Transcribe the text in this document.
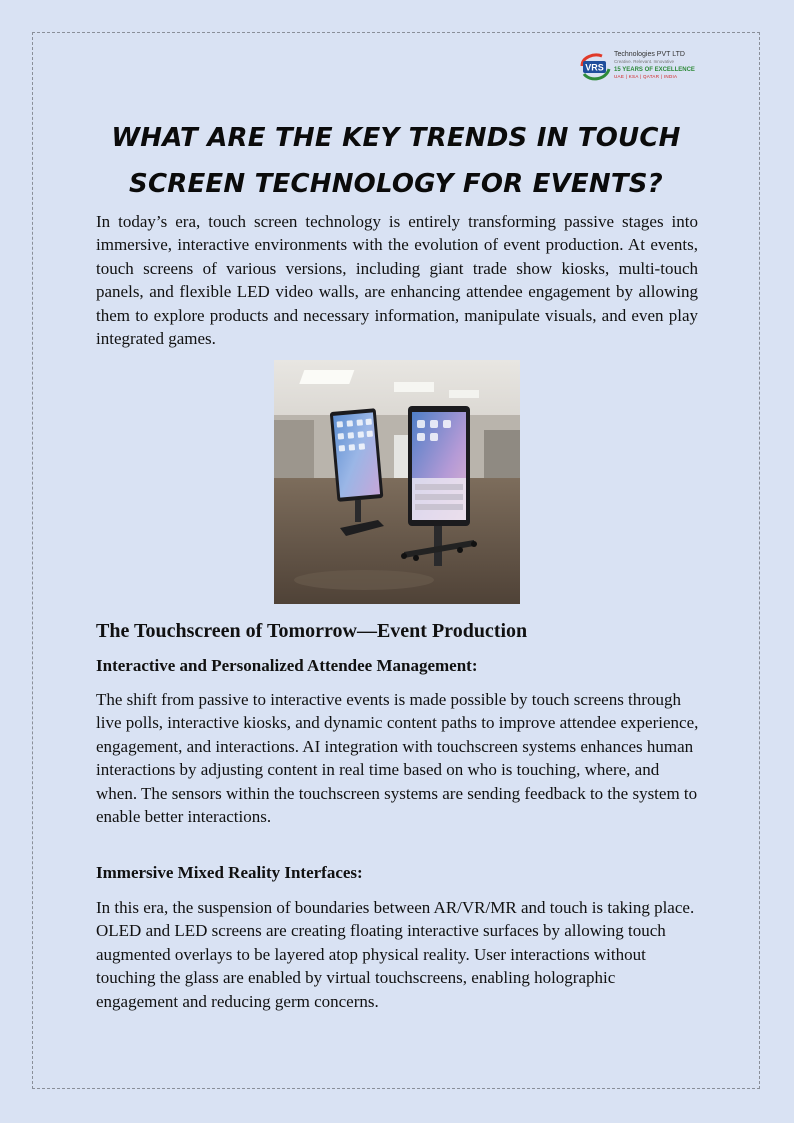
VRS
Technologies PVT LTD
Creative. Relevant. Innovative
15 YEARS OF EXCELLENCE
UAE | KSA | QATAR | INDIA
WHAT ARE THE KEY TRENDS IN TOUCH SCREEN TECHNOLOGY FOR EVENTS?

In today’s era, touch screen technology is entirely transforming passive stages into immersive, interactive environments with the evolution of event production. At events, touch screens of various versions, including giant trade show kiosks, multi-touch panels, and flexible LED video walls, are enhancing attendee engagement by allowing them to explore products and necessary information, manipulate visuals, and even play integrated games.

The Touchscreen of Tomorrow—Event Production
Interactive and Personalized Attendee Management:

The shift from passive to interactive events is made possible by touch screens through live polls, interactive kiosks, and dynamic content paths to improve attendee experience, engagement, and interactions. AI integration with touchscreen systems enhances human interactions by adjusting content in real time based on who is touching, where, and when. The sensors within the touchscreen systems are sending feedback to the system to enable better interactions.

Immersive Mixed Reality Interfaces:

In this era, the suspension of boundaries between AR/VR/MR and touch is taking place. OLED and LED screens are creating floating interactive surfaces by allowing touch augmented overlays to be layered atop physical reality. User interactions without touching the glass are enabled by virtual touchscreens, enabling holographic engagement and reducing germ concerns.
